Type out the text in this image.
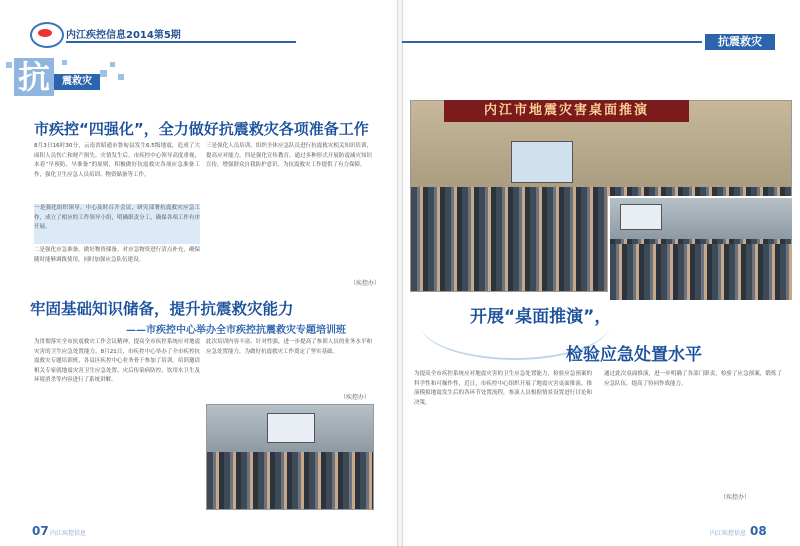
内江疾控信息2014第5期	抗震救灾
抗	震救灾
市疾控“四强化”，全力做好抗震救灾各项准备工作
8月3日16时30分，云南省昭通市鲁甸县发生6.5级地震，造成了大面积人员伤亡和财产损失。灾情发生后，市疾控中心领导高度重视，本着“早预防、早准备”的原则，积极做好抗震救灾各项应急准备工作，强化卫生应急人员培训、物资储备等工作。
一是强化组织领导。中心及时召开会议，研究部署抗震救灾应急工作，成立了相应的工作领导小组，明确职责分工，确保各项工作有序开展。
二是强化应急准备。做好物资储备，对应急物资进行清点补充，确保随时能够调拨使用，同时加强应急队伍建设。
三是强化人员培训。组织全体应急队员进行抗震救灾相关知识培训，提高应对能力。四是强化宣传教育。通过多种形式开展防震减灾知识宣传，增强群众自我防护意识，为抗震救灾工作提供了有力保障。
（疾控办）
牢固基础知识储备，提升抗震救灾能力
——市疾控中心举办全市疾控抗震救灾专题培训班
为贯彻落实全市抗震救灾工作会议精神，提高全市疾控系统应对地震灾害的卫生应急处置能力，8月21日，市疾控中心举办了全市疾控抗震救灾专题培训班，各县区疾控中心业务骨干参加了培训。培训邀请相关专家就地震灾害卫生应急处置、灾后传染病防控、饮用水卫生及环境消杀等内容进行了系统讲解。
此次培训内容丰富、针对性强，进一步提高了参训人员的业务水平和应急处置能力，为做好抗震救灾工作奠定了坚实基础。
（疾控办）
07 内江疾控信息
内江市地震灾害桌面推演
开展“桌面推演”，
检验应急处置水平
为提高全市疾控系统应对地震灾害的卫生应急处置能力，检验应急预案的科学性和可操作性，近日，市疾控中心组织开展了地震灾害桌面推演。推演模拟地震发生后的各环节处置流程，参演人员根据情景设置进行讨论和决策。
通过此次桌面推演，进一步明确了各部门职责，检验了应急预案，锻炼了应急队伍，提高了协同作战能力。
（疾控办）
内江疾控信息 08
